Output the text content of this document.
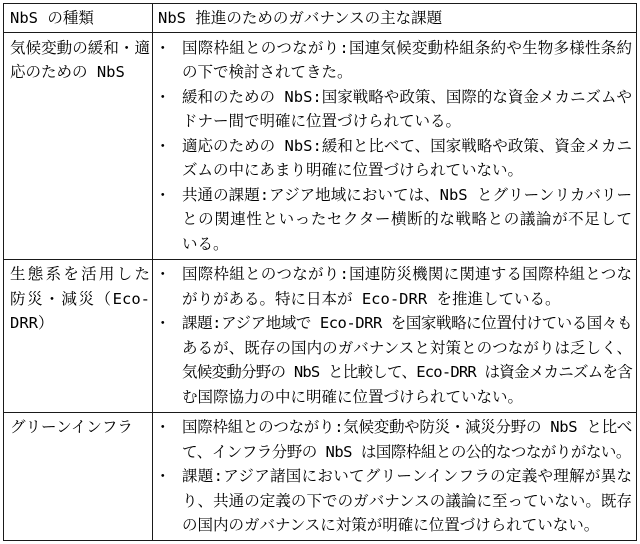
NbS の種類	NbS 推進のためのガバナンスの主な課題
気候変動の緩和・適
応のための NbS
・ 国際枠組とのつながり:国連気候変動枠組条約や生物多様性条約
の下で検討されてきた。
・ 緩和のための NbS:国家戦略や政策、国際的な資金メカニズムや
ドナー間で明確に位置づけられている。
・ 適応のための NbS:緩和と比べて、国家戦略や政策、資金メカニ
ズムの中にあまり明確に位置づけられていない。
・ 共通の課題:アジア地域においては、NbS とグリーンリカバリー
との関連性といったセクター横断的な戦略との議論が不足して
いる。
生態系を活用した
防災・減災（Eco-
DRR）
・ 国際枠組とのつながり:国連防災機関に関連する国際枠組とつな
がりがある。特に日本が Eco-DRR を推進している。
・ 課題:アジア地域で Eco-DRR を国家戦略に位置付けている国々も
あるが、既存の国内のガバナンスと対策とのつながりは乏しく、
気候変動分野の NbS と比較して、Eco-DRR は資金メカニズムを含
む国際協力の中に明確に位置づけられていない。
グリーンインフラ	・ 国際枠組とのつながり:気候変動や防災・減災分野の NbS と比べ
て、インフラ分野の NbS は国際枠組との公的なつながりがない。
・ 課題:アジア諸国においてグリーンインフラの定義や理解が異な
り、共通の定義の下でのガバナンスの議論に至っていない。既存
の国内のガバナンスに対策が明確に位置づけられていない。
